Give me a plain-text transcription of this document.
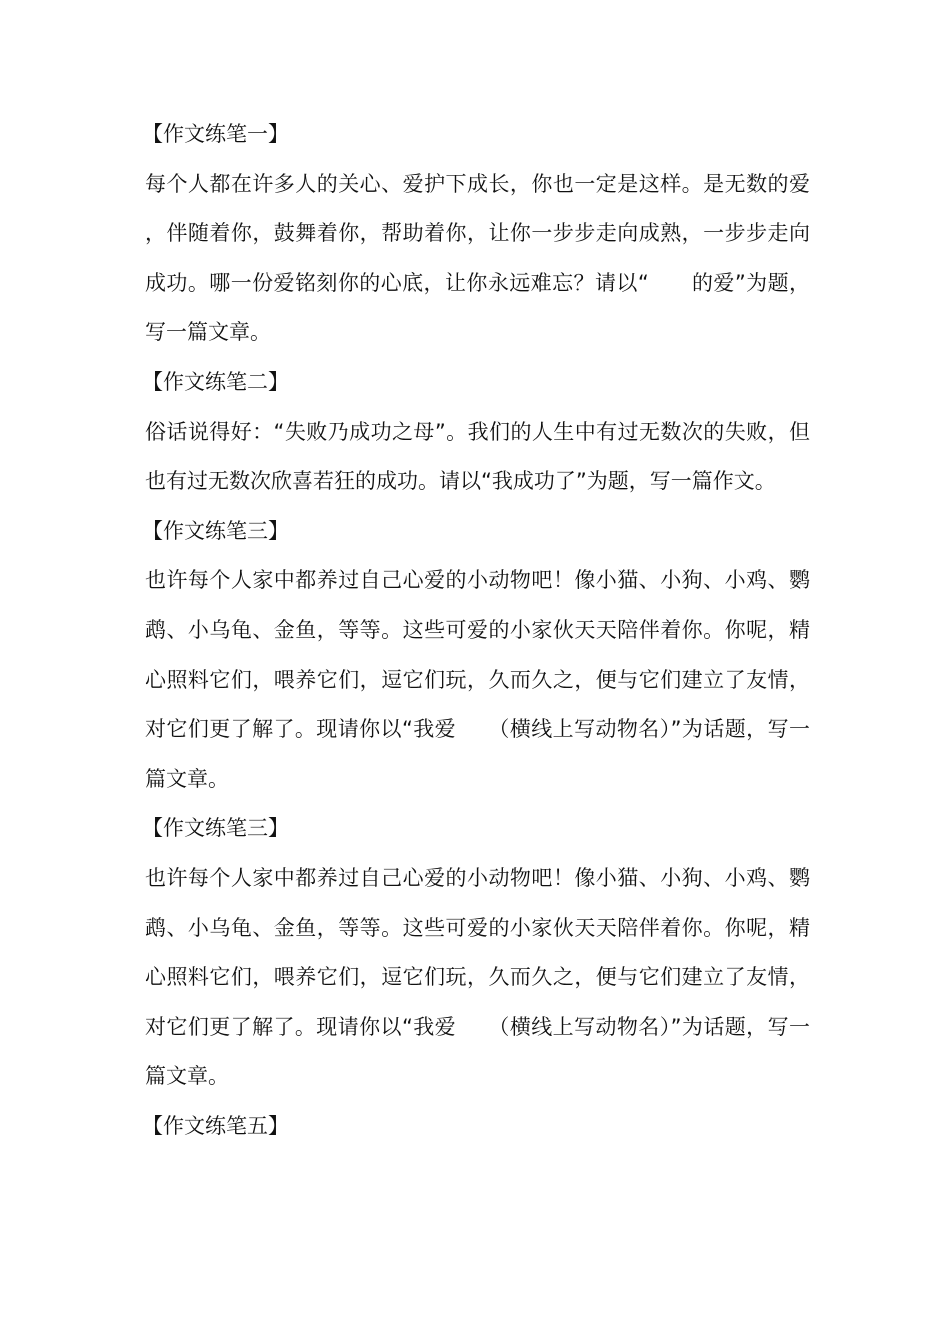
【作文练笔一】
每个人都在许多人的关心、爱护下成长，你也一定是这样。是无数的爱，伴随着你，鼓舞着你，帮助着你，让你一步步走向成熟，一步步走向成功。哪一份爱铭刻你的心底，让你永远难忘？请以“　　的爱”为题，写一篇文章。
【作文练笔二】
俗话说得好：“失败乃成功之母”。我们的人生中有过无数次的失败，但也有过无数次欣喜若狂的成功。请以“我成功了”为题，写一篇作文。
【作文练笔三】
也许每个人家中都养过自己心爱的小动物吧！像小猫、小狗、小鸡、鹦鹉、小乌龟、金鱼，等等。这些可爱的小家伙天天陪伴着你。你呢，精心照料它们，喂养它们，逗它们玩，久而久之，便与它们建立了友情，对它们更了解了。现请你以“我爱　　（横线上写动物名）”为话题，写一篇文章。
【作文练笔三】
也许每个人家中都养过自己心爱的小动物吧！像小猫、小狗、小鸡、鹦鹉、小乌龟、金鱼，等等。这些可爱的小家伙天天陪伴着你。你呢，精心照料它们，喂养它们，逗它们玩，久而久之，便与它们建立了友情，对它们更了解了。现请你以“我爱　　（横线上写动物名）”为话题，写一篇文章。
【作文练笔五】
